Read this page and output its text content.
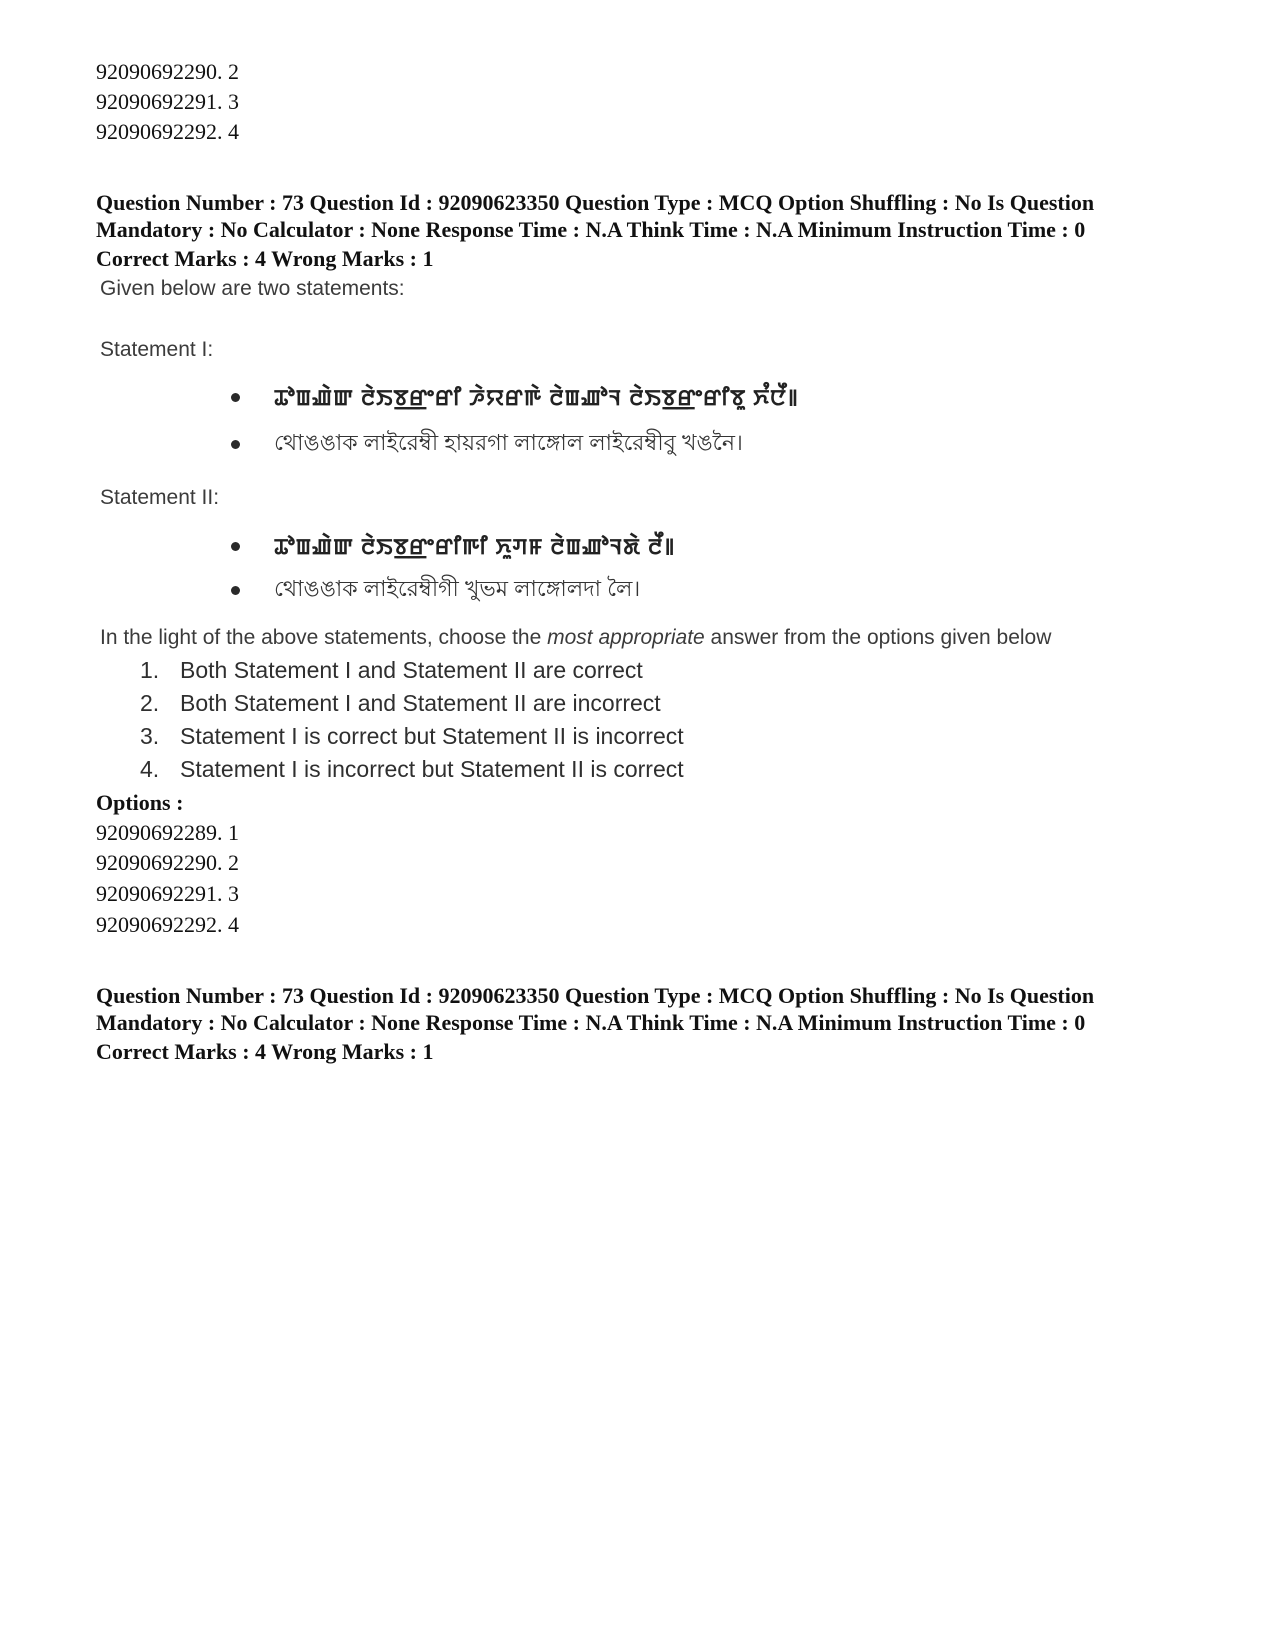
92090692290. 2
92090692291. 3
92090692292. 4
Question Number : 73 Question Id : 92090623350 Question Type : MCQ Option Shuffling : No Is Question
Mandatory : No Calculator : None Response Time : N.A Think Time : N.A Minimum Instruction Time : 0
Correct Marks : 4 Wrong Marks : 1
Given below are two statements:
Statement I:
ꯊꯣꯡꯉꯥꯛ ꯂꯥꯏꯕ꯭ꯔꯦꯔꯤ ꯍꯥꯌꯔꯒꯥ ꯂꯥꯡꯉꯣꯜ ꯂꯥꯏꯕ꯭ꯔꯦꯔꯤꯕꯨ ꯈꯪꯅꯩ꯫
থোঙঙাক লাইরেম্বী হায়রগা লাঙ্গোল লাইরেম্বীবু খঙনৈ।
Statement II:
ꯊꯣꯡꯉꯥꯛ ꯂꯥꯏꯕ꯭ꯔꯦꯔꯤꯒꯤ ꯈꯨꯚꯝ ꯂꯥꯡꯉꯣꯜꯗꯥ ꯂꯩ꯫
থোঙঙাক লাইরেম্বীগী খুভম লাঙ্গোলদা লৈ।
In the light of the above statements, choose the most appropriate answer from the options given below
1. Both Statement I and Statement II are correct
2. Both Statement I and Statement II are incorrect
3. Statement I is correct but Statement II is incorrect
4. Statement I is incorrect but Statement II is correct
Options :
92090692289. 1
92090692290. 2
92090692291. 3
92090692292. 4
Question Number : 73 Question Id : 92090623350 Question Type : MCQ Option Shuffling : No Is Question
Mandatory : No Calculator : None Response Time : N.A Think Time : N.A Minimum Instruction Time : 0
Correct Marks : 4 Wrong Marks : 1
